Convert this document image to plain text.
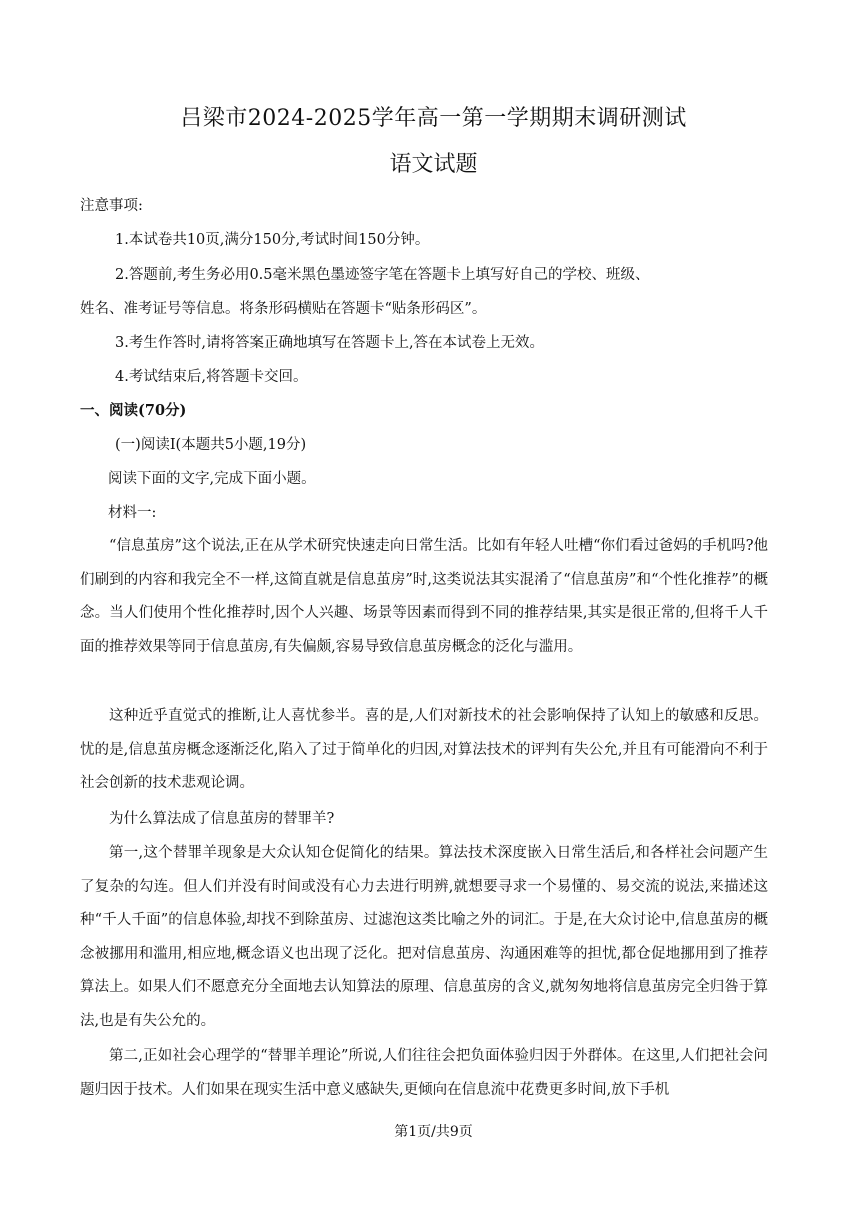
吕梁市2024-2025学年高一第一学期期末调研测试
语文试题
注意事项:
1.本试卷共10页,满分150分,考试时间150分钟。
2.答题前,考生务必用0.5毫米黑色墨迹签字笔在答题卡上填写好自己的学校、班级、
姓名、准考证号等信息。将条形码横贴在答题卡“贴条形码区”。
3.考生作答时,请将答案正确地填写在答题卡上,答在本试卷上无效。
4.考试结束后,将答题卡交回。
一、阅读(70分)
(一)阅读Ⅰ(本题共5小题,19分)
阅读下面的文字,完成下面小题。
材料一:

“信息茧房”这个说法,正在从学术研究快速走向日常生活。比如有年轻人吐槽“你们看过爸妈的手机吗?他们刷到的内容和我完全不一样,这简直就是信息茧房”时,这类说法其实混淆了“信息茧房”和“个性化推荐”的概念。当人们使用个性化推荐时,因个人兴趣、场景等因素而得到不同的推荐结果,其实是很正常的,但将千人千面的推荐效果等同于信息茧房,有失偏颇,容易导致信息茧房概念的泛化与滥用。

这种近乎直觉式的推断,让人喜忧参半。喜的是,人们对新技术的社会影响保持了认知上的敏感和反思。忧的是,信息茧房概念逐渐泛化,陷入了过于简单化的归因,对算法技术的评判有失公允,并且有可能滑向不利于社会创新的技术悲观论调。

为什么算法成了信息茧房的替罪羊?

第一,这个替罪羊现象是大众认知仓促简化的结果。算法技术深度嵌入日常生活后,和各样社会问题产生了复杂的勾连。但人们并没有时间或没有心力去进行明辨,就想要寻求一个易懂的、易交流的说法,来描述这种“千人千面”的信息体验,却找不到除茧房、过滤泡这类比喻之外的词汇。于是,在大众讨论中,信息茧房的概念被挪用和滥用,相应地,概念语义也出现了泛化。把对信息茧房、沟通困难等的担忧,都仓促地挪用到了推荐算法上。如果人们不愿意充分全面地去认知算法的原理、信息茧房的含义,就匆匆地将信息茧房完全归咎于算法,也是有失公允的。

第二,正如社会心理学的“替罪羊理论”所说,人们往往会把负面体验归因于外群体。在这里,人们把社会问题归因于技术。人们如果在现实生活中意义感缺失,更倾向在信息流中花费更多时间,放下手机

第1页/共9页
